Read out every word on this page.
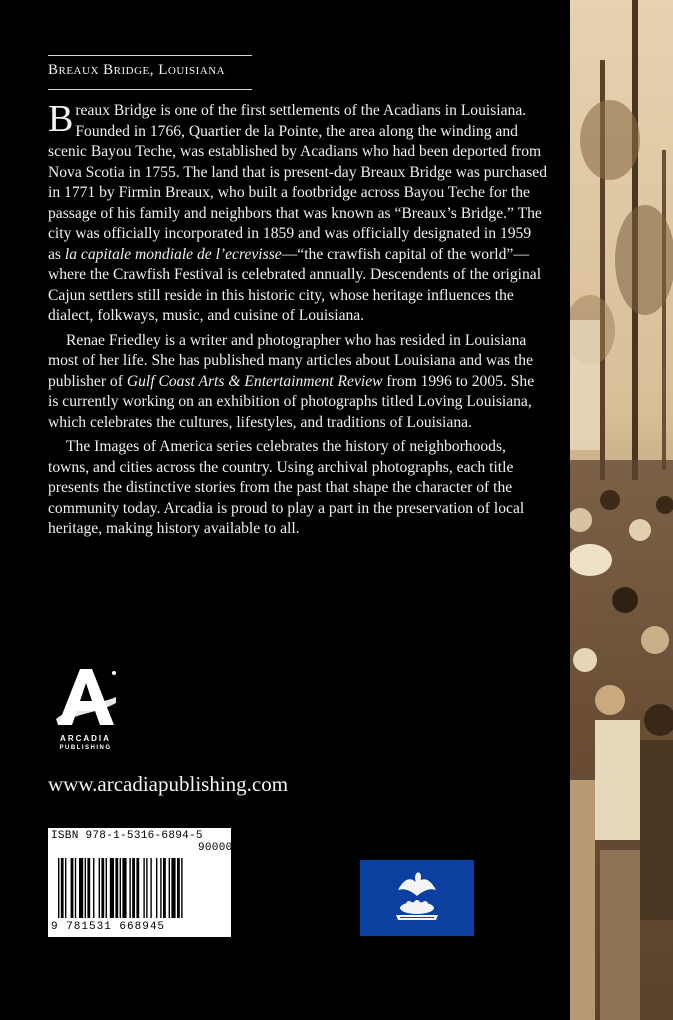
Breaux Bridge, Louisiana

Breaux Bridge is one of the first settlements of the Acadians in Louisiana. Founded in 1766, Quartier de la Pointe, the area along the winding and scenic Bayou Teche, was established by Acadians who had been deported from Nova Scotia in 1755. The land that is present-day Breaux Bridge was purchased in 1771 by Firmin Breaux, who built a footbridge across Bayou Teche for the passage of his family and neighbors that was known as “Breaux’s Bridge.” The city was officially incorporated in 1859 and was officially designated in 1959 as la capitale mondiale de l’ecrevisse—“the crawfish capital of the world”—where the Crawfish Festival is celebrated annually. Descendents of the original Cajun settlers still reside in this historic city, whose heritage influences the dialect, folkways, music, and cuisine of Louisiana.

Renae Friedley is a writer and photographer who has resided in Louisiana most of her life. She has published many articles about Louisiana and was the publisher of Gulf Coast Arts & Entertainment Review from 1996 to 2005. She is currently working on an exhibition of photographs titled Loving Louisiana, which celebrates the cultures, lifestyles, and traditions of Louisiana.

The Images of America series celebrates the history of neighborhoods, towns, and cities across the country. Using archival photographs, each title presents the distinctive stories from the past that shape the character of the community today. Arcadia is proud to play a part in the preservation of local heritage, making history available to all.

ARCADIA
PUBLISHING
www.arcadiapublishing.com
ISBN 978-1-5316-6894-5
90000
9 781531 668945
